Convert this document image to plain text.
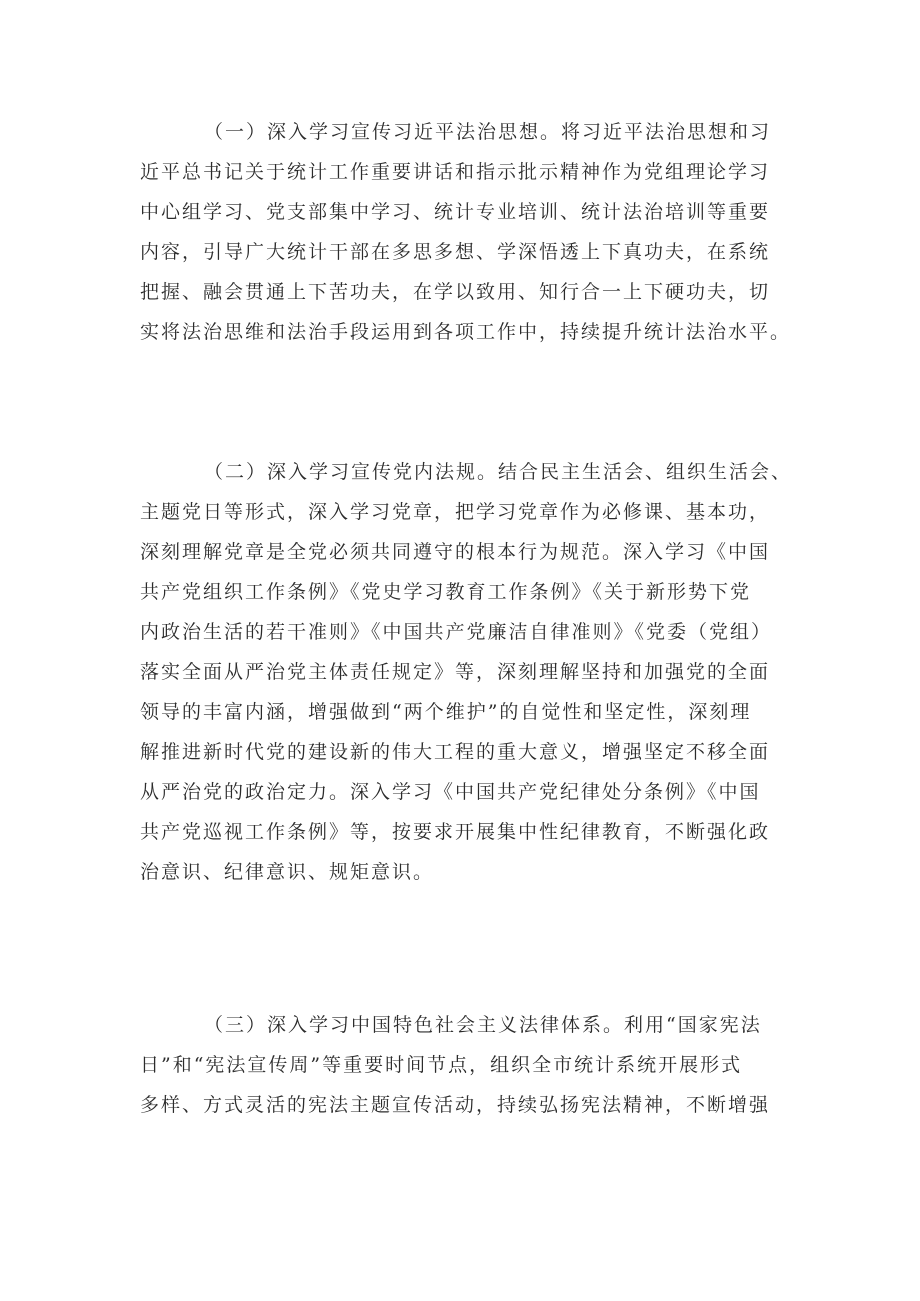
（一）深入学习宣传习近平法治思想。将习近平法治思想和习
近平总书记关于统计工作重要讲话和指示批示精神作为党组理论学习
中心组学习、党支部集中学习、统计专业培训、统计法治培训等重要
内容，引导广大统计干部在多思多想、学深悟透上下真功夫，在系统
把握、融会贯通上下苦功夫，在学以致用、知行合一上下硬功夫，切
实将法治思维和法治手段运用到各项工作中，持续提升统计法治水平。

（二）深入学习宣传党内法规。结合民主生活会、组织生活会、
主题党日等形式，深入学习党章，把学习党章作为必修课、基本功，
深刻理解党章是全党必须共同遵守的根本行为规范。深入学习《中国
共产党组织工作条例》《党史学习教育工作条例》《关于新形势下党
内政治生活的若干准则》《中国共产党廉洁自律准则》《党委（党组）
落实全面从严治党主体责任规定》等，深刻理解坚持和加强党的全面
领导的丰富内涵，增强做到“两个维护”的自觉性和坚定性，深刻理
解推进新时代党的建设新的伟大工程的重大意义，增强坚定不移全面
从严治党的政治定力。深入学习《中国共产党纪律处分条例》《中国
共产党巡视工作条例》等，按要求开展集中性纪律教育，不断强化政
治意识、纪律意识、规矩意识。

（三）深入学习中国特色社会主义法律体系。利用“国家宪法
日”和“宪法宣传周”等重要时间节点，组织全市统计系统开展形式
多样、方式灵活的宪法主题宣传活动，持续弘扬宪法精神，不断增强
